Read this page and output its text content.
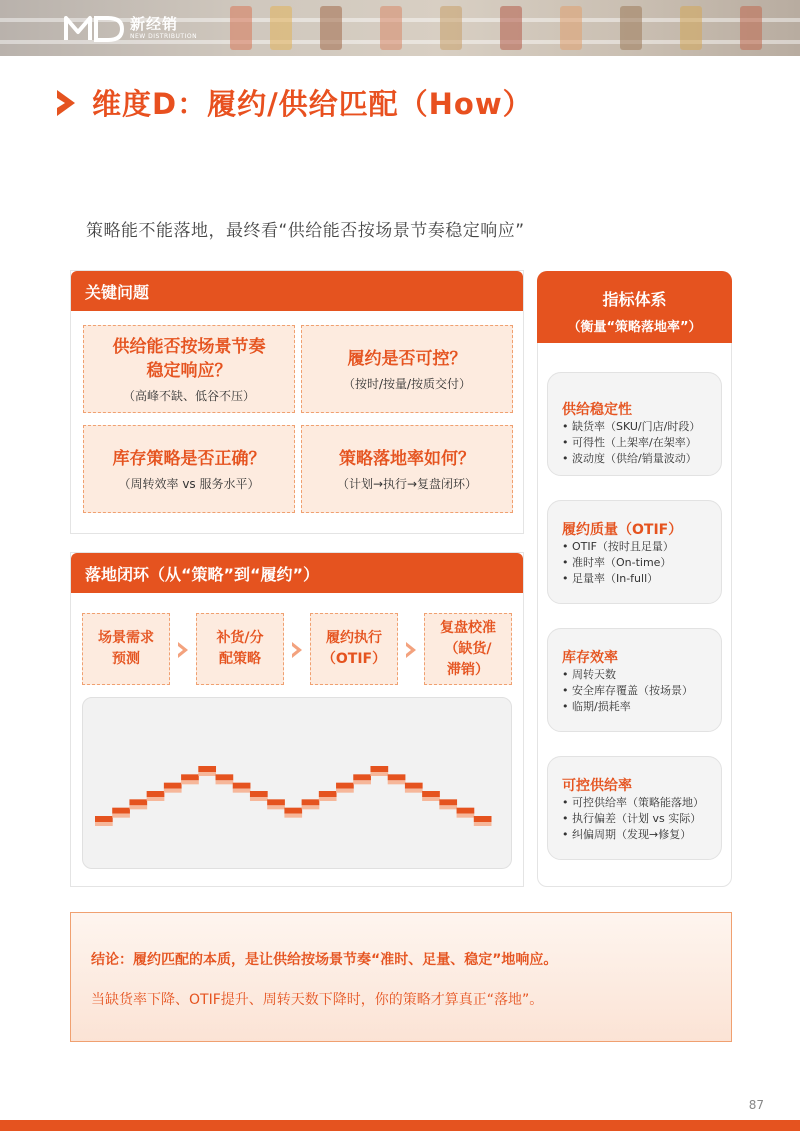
新经销
NEW DISTRIBUTION
维度D：履约/供给匹配（How）
策略能不能落地，最终看“供给能否按场景节奏稳定响应”
关键问题
供给能否按场景节奏
稳定响应？
（高峰不缺、低谷不压）
履约是否可控？
（按时/按量/按质交付）
库存策略是否正确？
（周转效率 vs 服务水平）
策略落地率如何？
（计划→执行→复盘闭环）
落地闭环（从“策略”到“履约”）
场景需求
预测
补货/分
配策略
履约执行
（OTIF）
复盘校准
（缺货/
滞销）
指标体系
（衡量“策略落地率”）
供给稳定性
• 缺货率（SKU/门店/时段）
• 可得性（上架率/在架率）
• 波动度（供给/销量波动）
履约质量（OTIF）
• OTIF（按时且足量）
• 准时率（On-time）
• 足量率（In-full）
库存效率
• 周转天数
• 安全库存覆盖（按场景）
• 临期/损耗率
可控供给率
• 可控供给率（策略能落地）
• 执行偏差（计划 vs 实际）
• 纠偏周期（发现→修复）
结论：履约匹配的本质，是让供给按场景节奏“准时、足量、稳定”地响应。
当缺货率下降、OTIF提升、周转天数下降时，你的策略才算真正“落地”。
87
